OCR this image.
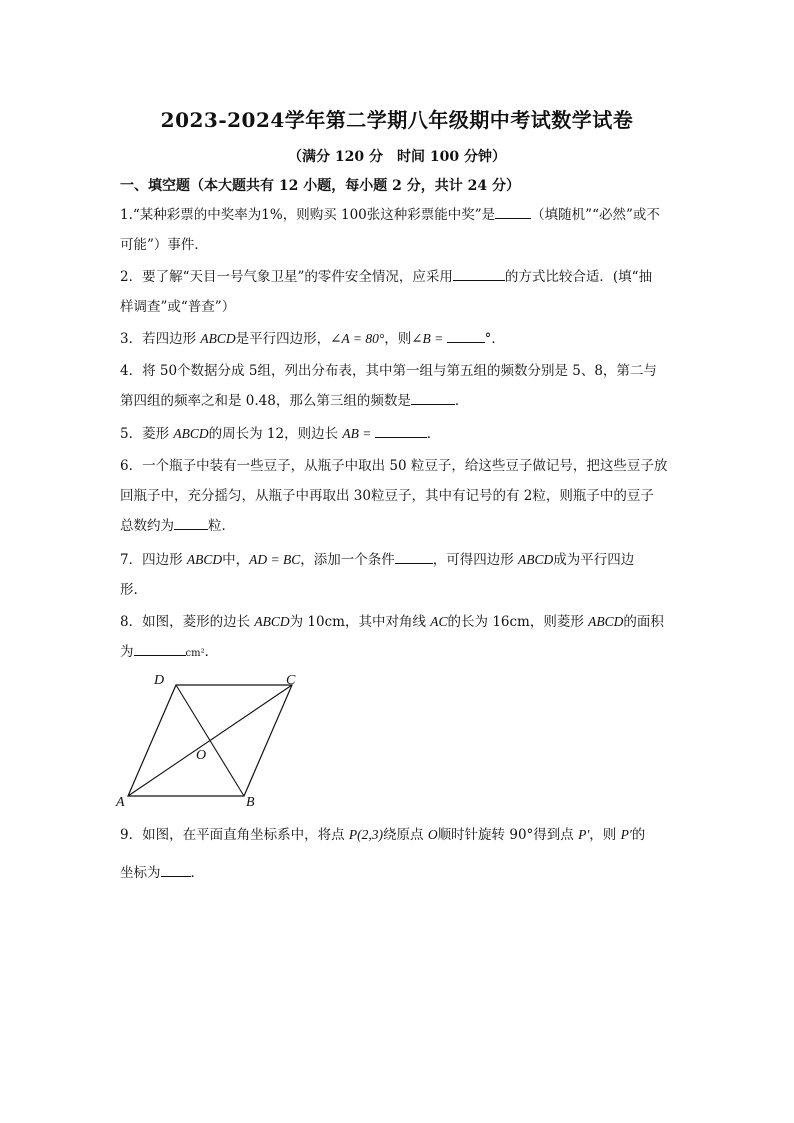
2023-2024学年第二学期八年级期中考试数学试卷
（满分 120 分　时间 100 分钟）
一、填空题（本大题共有 12 小题，每小题 2 分，共计 24 分）
1.“某种彩票的中奖率为1%，则购买 100张这种彩票能中奖”是	（填随机”“必然”或不
可能”）事件．
2．要了解“天目一号气象卫星”的零件安全情况，应采用	的方式比较合适．(填“抽
样调查”或“普查”）
3．若四边形 ABCD是平行四边形，∠A = 80°，则∠B =	°．
4．将 50个数据分成 5组，列出分布表，其中第一组与第五组的频数分别是 5、8，第二与
第四组的频率之和是 0.48，那么第三组的频数是	．
5．菱形 ABCD的周长为 12，则边长 AB =	．
6．一个瓶子中装有一些豆子，从瓶子中取出 50 粒豆子，给这些豆子做记号，把这些豆子放
回瓶子中，充分摇匀，从瓶子中再取出 30粒豆子，其中有记号的有 2粒，则瓶子中的豆子
总数约为	粒．
7．四边形 ABCD中，AD = BC，添加一个条件	，可得四边形 ABCD成为平行四边
形.
8．如图，菱形的边长 ABCD为 10cm，其中对角线 AC的长为 16cm，则菱形 ABCD的面积
为	cm²．
A	B
C
D
O
9．如图，在平面直角坐标系中，将点 P(2,3)绕原点 O顺时针旋转 90°得到点 P′，则 P′的
坐标为 ．
